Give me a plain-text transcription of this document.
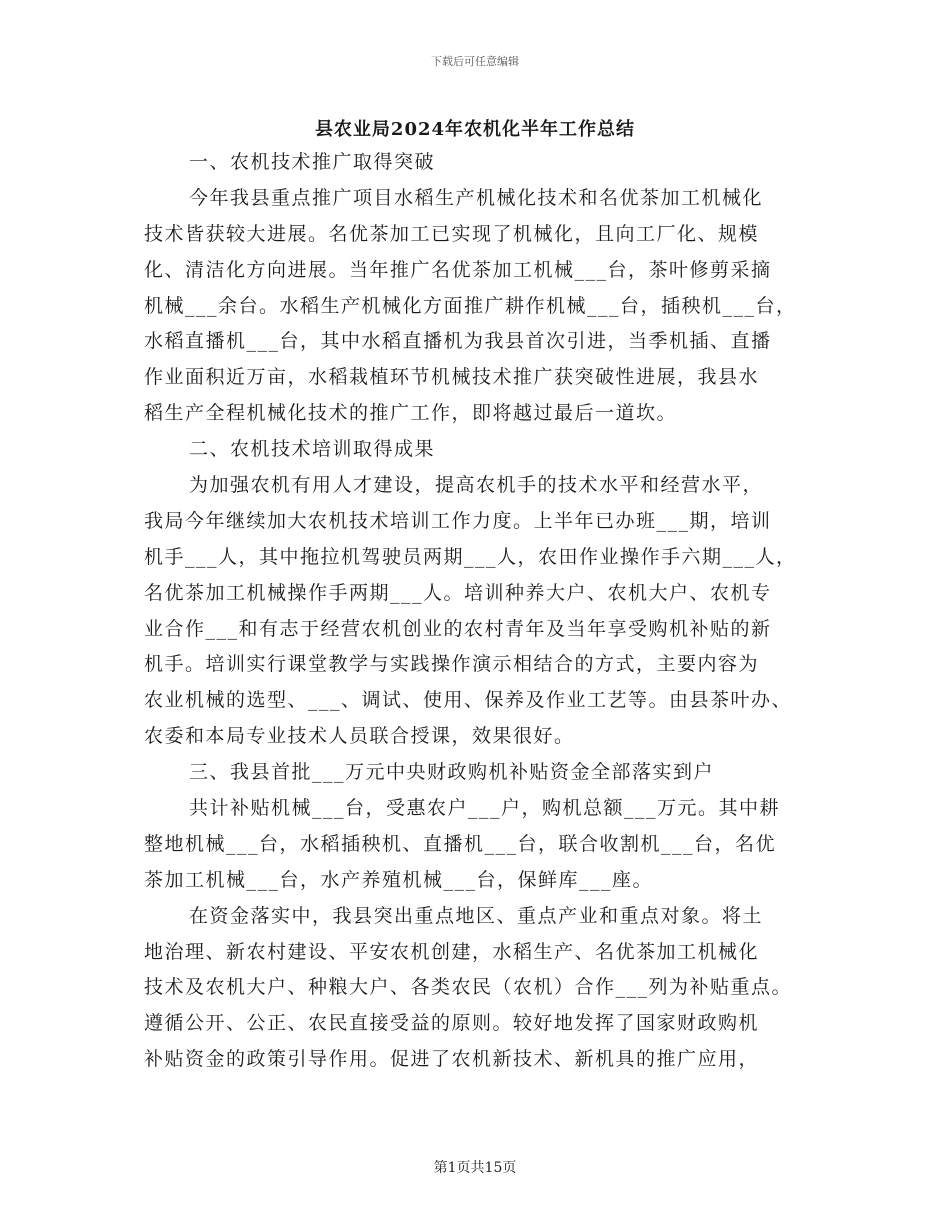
下载后可任意编辑
县农业局2024年农机化半年工作总结
一、农机技术推广取得突破
今年我县重点推广项目水稻生产机械化技术和名优茶加工机械化
技术皆获较大进展。名优茶加工已实现了机械化，且向工厂化、规模
化、清洁化方向进展。当年推广名优茶加工机械___台，茶叶修剪采摘
机械___余台。水稻生产机械化方面推广耕作机械___台，插秧机___台，
水稻直播机___台，其中水稻直播机为我县首次引进，当季机插、直播
作业面积近万亩，水稻栽植环节机械技术推广获突破性进展，我县水
稻生产全程机械化技术的推广工作，即将越过最后一道坎。
二、农机技术培训取得成果
为加强农机有用人才建设，提高农机手的技术水平和经营水平，
我局今年继续加大农机技术培训工作力度。上半年已办班___期，培训
机手___人，其中拖拉机驾驶员两期___人，农田作业操作手六期___人，
名优茶加工机械操作手两期___人。培训种养大户、农机大户、农机专
业合作___和有志于经营农机创业的农村青年及当年享受购机补贴的新
机手。培训实行课堂教学与实践操作演示相结合的方式，主要内容为
农业机械的选型、___、调试、使用、保养及作业工艺等。由县茶叶办、
农委和本局专业技术人员联合授课，效果很好。
三、我县首批___万元中央财政购机补贴资金全部落实到户
共计补贴机械___台，受惠农户___户，购机总额___万元。其中耕
整地机械___台，水稻插秧机、直播机___台，联合收割机___台，名优
茶加工机械___台，水产养殖机械___台，保鲜库___座。
在资金落实中，我县突出重点地区、重点产业和重点对象。将土
地治理、新农村建设、平安农机创建，水稻生产、名优茶加工机械化
技术及农机大户、种粮大户、各类农民（农机）合作___列为补贴重点。
遵循公开、公正、农民直接受益的原则。较好地发挥了国家财政购机
补贴资金的政策引导作用。促进了农机新技术、新机具的推广应用，
第1页共15页
